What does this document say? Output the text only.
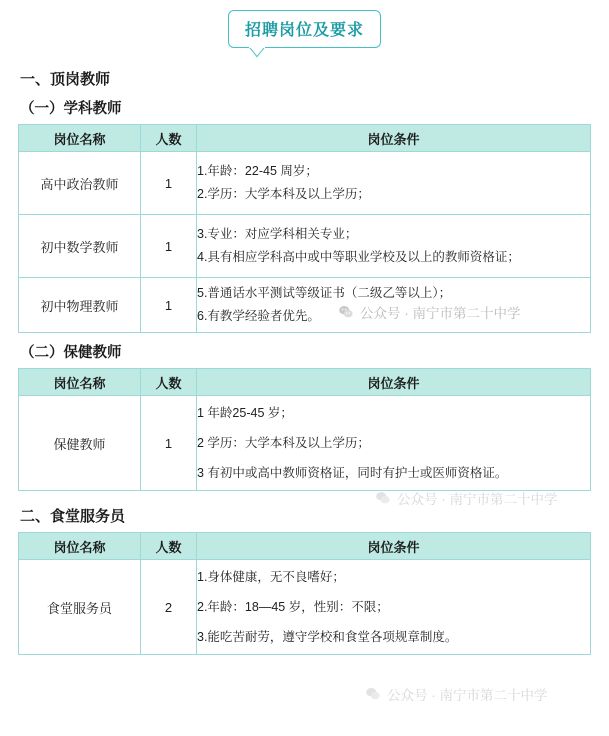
招聘岗位及要求
一、顶岗教师
（一）学科教师
岗位名称	人数	岗位条件
高中政治教师	1	1.年龄：22-45 周岁；
2.学历：大学本科及以上学历；

初中数学教师	1	3.专业：对应学科相关专业；
4.具有相应学科高中或中等职业学校及以上的教师资格证；

初中物理教师	1	5.普通话水平测试等级证书（二级乙等以上）；
6.有教学经验者优先。
（二）保健教师
岗位名称	人数	岗位条件
保健教师	1	1 年龄25-45 岁；
2 学历：大学本科及以上学历；
3 有初中或高中教师资格证，同时有护士或医师资格证。
二、食堂服务员
岗位名称	人数	岗位条件
食堂服务员	2	1.身体健康，无不良嗜好；
2.年龄：18—45 岁，性别：不限；
3.能吃苦耐劳，遵守学校和食堂各项规章制度。
公众号 · 南宁市第二十中学
公众号 · 南宁市第二十中学
公众号 · 南宁市第二十中学
